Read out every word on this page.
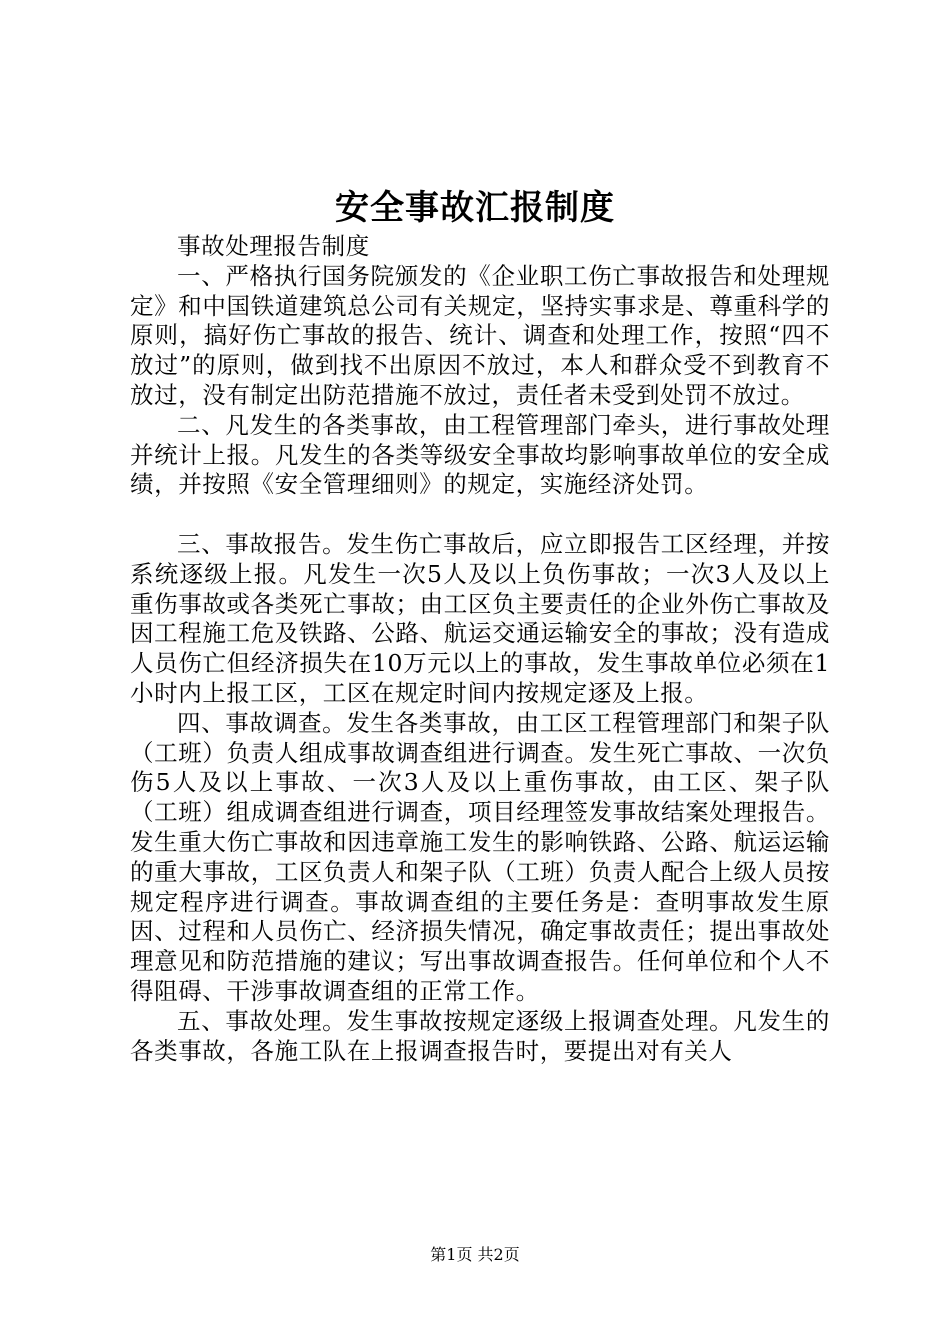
安全事故汇报制度

事故处理报告制度

一、严格执行国务院颁发的《企业职工伤亡事故报告和处理规定》和中国铁道建筑总公司有关规定，坚持实事求是、尊重科学的原则，搞好伤亡事故的报告、统计、调查和处理工作，按照“四不放过”的原则，做到找不出原因不放过，本人和群众受不到教育不放过，没有制定出防范措施不放过，责任者未受到处罚不放过。

二、凡发生的各类事故，由工程管理部门牵头，进行事故处理并统计上报。凡发生的各类等级安全事故均影响事故单位的安全成绩，并按照《安全管理细则》的规定，实施经济处罚。

三、事故报告。发生伤亡事故后，应立即报告工区经理，并按系统逐级上报。凡发生一次5人及以上负伤事故；一次3人及以上重伤事故或各类死亡事故；由工区负主要责任的企业外伤亡事故及因工程施工危及铁路、公路、航运交通运输安全的事故；没有造成人员伤亡但经济损失在10万元以上的事故，发生事故单位必须在1小时内上报工区，工区在规定时间内按规定逐及上报。

四、事故调查。发生各类事故，由工区工程管理部门和架子队（工班）负责人组成事故调查组进行调查。发生死亡事故、一次负伤5人及以上事故、一次3人及以上重伤事故，由工区、架子队（工班）组成调查组进行调查，项目经理签发事故结案处理报告。发生重大伤亡事故和因违章施工发生的影响铁路、公路、航运运输的重大事故，工区负责人和架子队（工班）负责人配合上级人员按规定程序进行调查。事故调查组的主要任务是：查明事故发生原因、过程和人员伤亡、经济损失情况，确定事故责任；提出事故处理意见和防范措施的建议；写出事故调查报告。任何单位和个人不得阻碍、干涉事故调查组的正常工作。

五、事故处理。发生事故按规定逐级上报调查处理。凡发生的各类事故，各施工队在上报调查报告时，要提出对有关人

第1页 共2页
